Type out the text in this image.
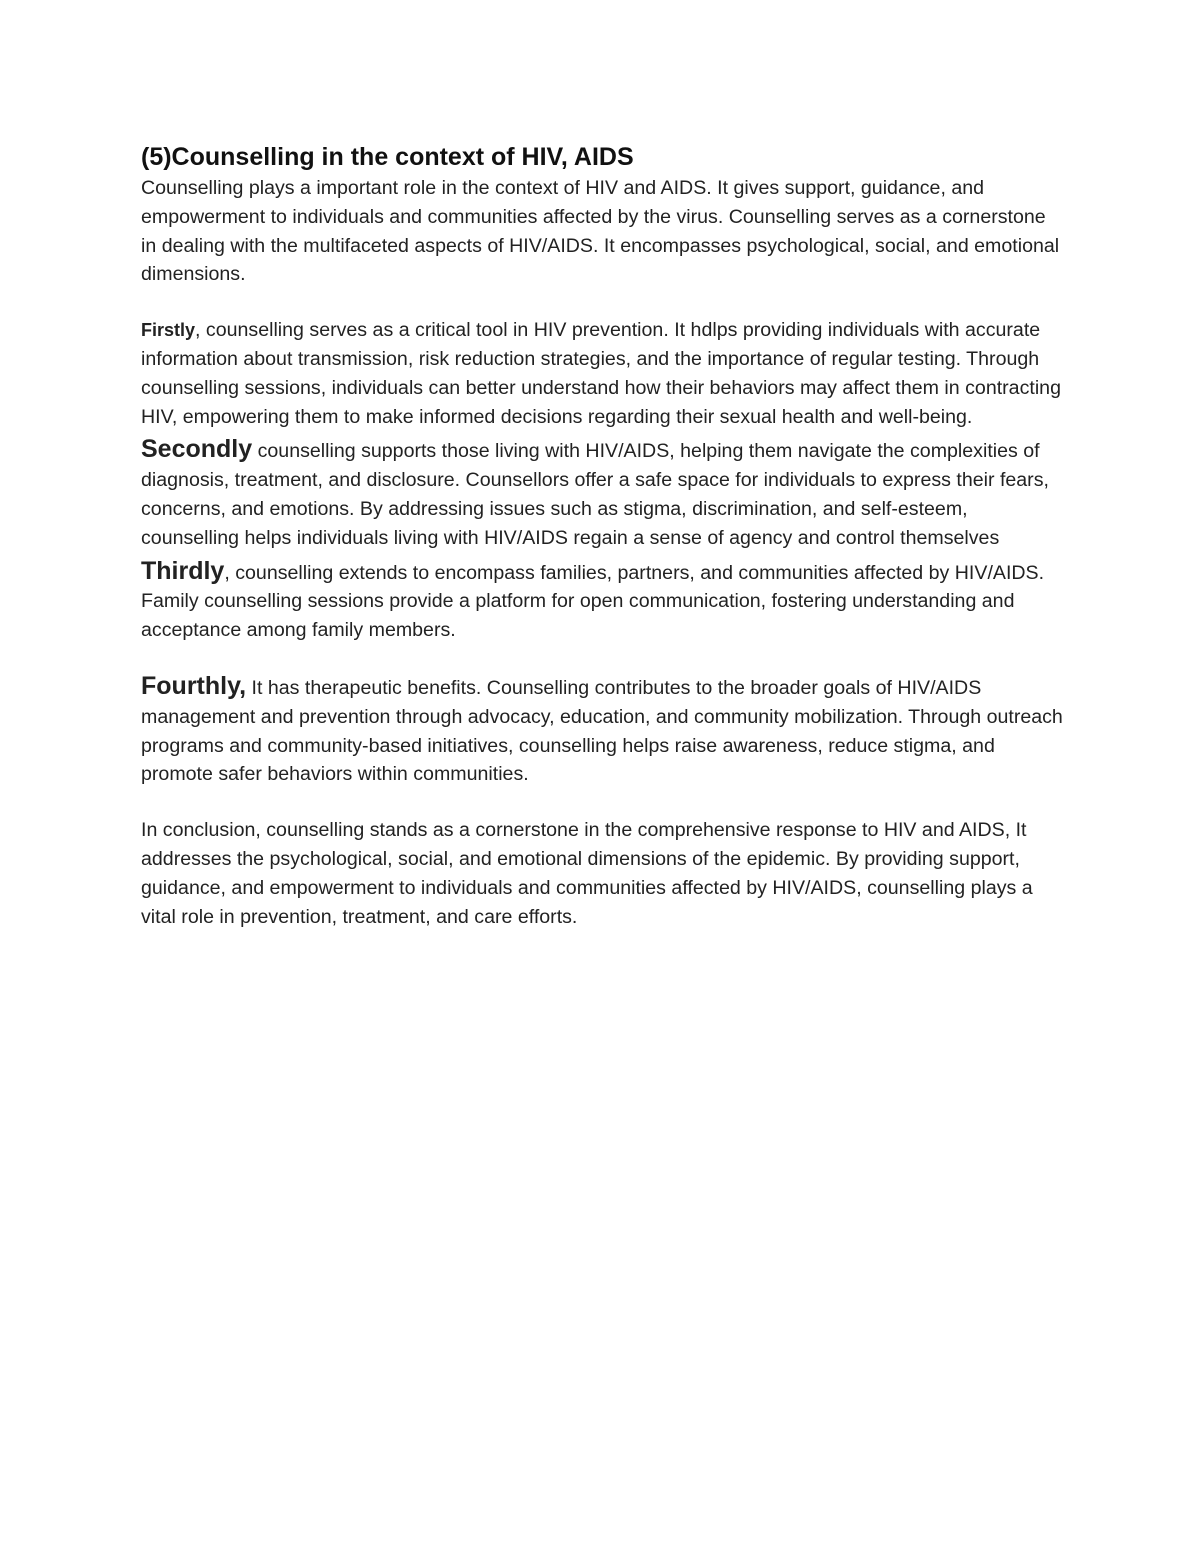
(5)Counselling in the context of HIV, AIDS

Counselling plays a important role in the context of HIV and AIDS. It gives support, guidance, and empowerment to individuals and communities affected by the virus. Counselling serves as a cornerstone in dealing with the multifaceted aspects of HIV/AIDS. It encompasses psychological, social, and emotional dimensions.

Firstly, counselling serves as a critical tool in HIV prevention. It hdlps providing individuals with accurate information about transmission, risk reduction strategies, and the importance of regular testing. Through counselling sessions, individuals can better understand how their behaviors may affect them in contracting HIV, empowering them to make informed decisions regarding their sexual health and well-being.

Secondly counselling supports those living with HIV/AIDS, helping them navigate the complexities of diagnosis, treatment, and disclosure. Counsellors offer a safe space for individuals to express their fears, concerns, and emotions. By addressing issues such as stigma, discrimination, and self-esteem, counselling helps individuals living with HIV/AIDS regain a sense of agency and control themselves

Thirdly, counselling extends to encompass families, partners, and communities affected by HIV/AIDS. Family counselling sessions provide a platform for open communication, fostering understanding and acceptance among family members.

Fourthly, It has therapeutic benefits. Counselling contributes to the broader goals of HIV/AIDS management and prevention through advocacy, education, and community mobilization. Through outreach programs and community-based initiatives, counselling helps raise awareness, reduce stigma, and promote safer behaviors within communities.

In conclusion, counselling stands as a cornerstone in the comprehensive response to HIV and AIDS, It addresses the psychological, social, and emotional dimensions of the epidemic. By providing support, guidance, and empowerment to individuals and communities affected by HIV/AIDS, counselling plays a vital role in prevention, treatment, and care efforts.
